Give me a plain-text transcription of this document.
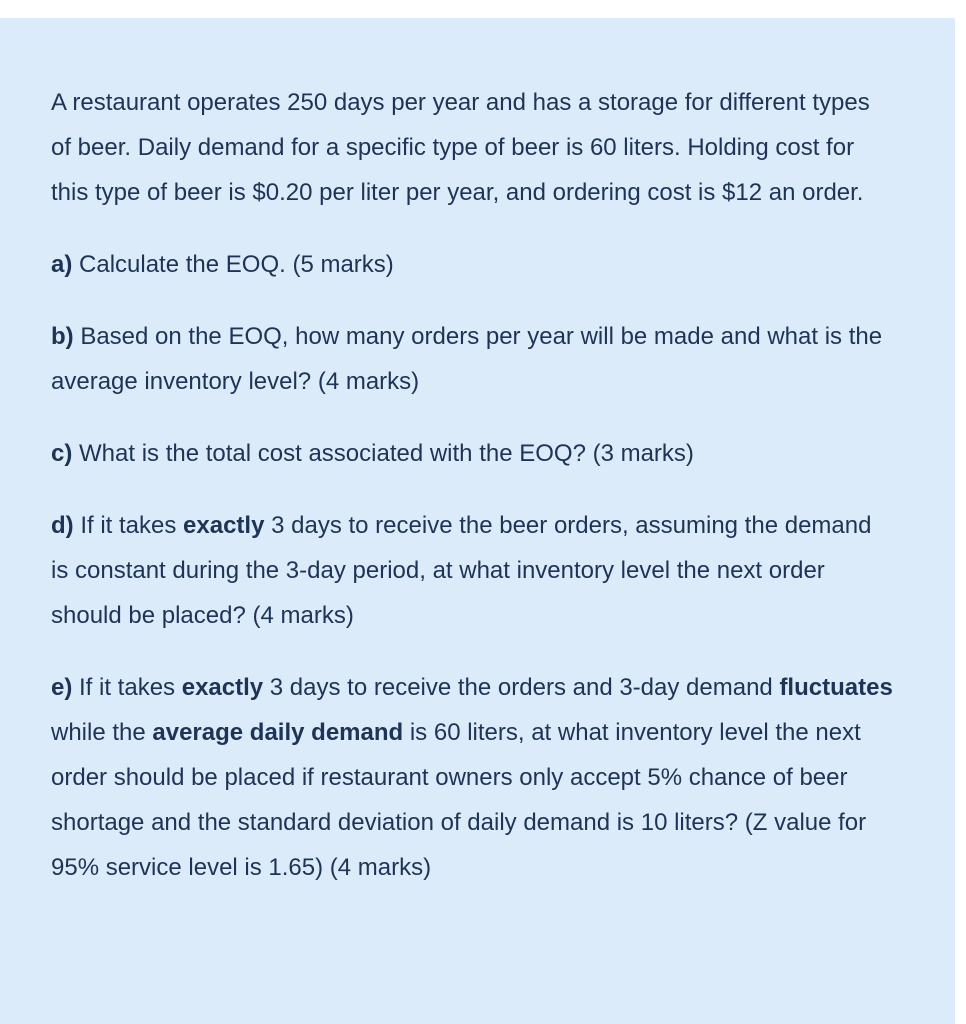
A restaurant operates 250 days per year and has a storage for different types of beer. Daily demand for a specific type of beer is 60 liters. Holding cost for this type of beer is $0.20 per liter per year, and ordering cost is $12 an order.

a) Calculate the EOQ. (5 marks)

b) Based on the EOQ, how many orders per year will be made and what is the average inventory level? (4 marks)

c) What is the total cost associated with the EOQ? (3 marks)

d) If it takes exactly 3 days to receive the beer orders, assuming the demand is constant during the 3-day period, at what inventory level the next order should be placed? (4 marks)

e) If it takes exactly 3 days to receive the orders and 3-day demand fluctuates while the average daily demand is 60 liters, at what inventory level the next order should be placed if restaurant owners only accept 5% chance of beer shortage and the standard deviation of daily demand is 10 liters? (Z value for 95% service level is 1.65) (4 marks)
